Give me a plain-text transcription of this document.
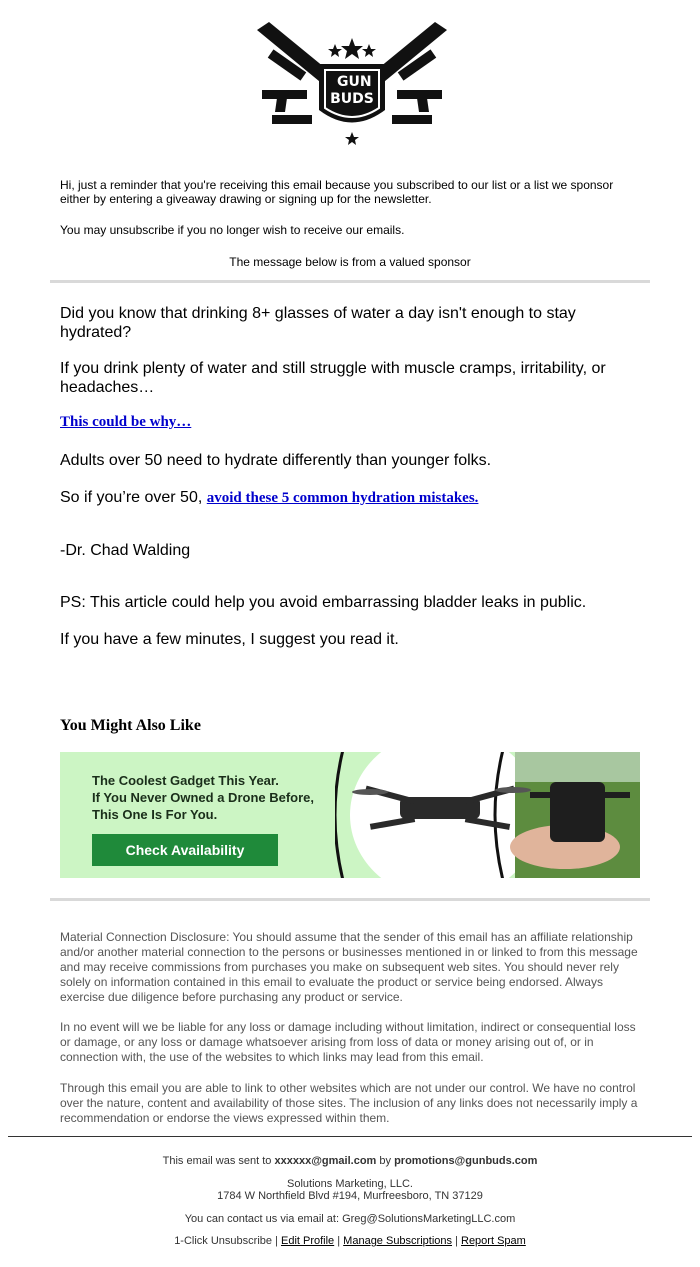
GUN
BUDS
Hi, just a reminder that you're receiving this email because you subscribed to our list or a list we sponsor either by entering a giveaway drawing or signing up for the newsletter.
You may unsubscribe if you no longer wish to receive our emails.
The message below is from a valued sponsor
Did you know that drinking 8+ glasses of water a day isn't enough to stay hydrated?
If you drink plenty of water and still struggle with muscle cramps, irritability, or headaches…
This could be why…
Adults over 50 need to hydrate differently than younger folks.
So if you’re over 50, avoid these 5 common hydration mistakes.
-Dr. Chad Walding
PS: This article could help you avoid embarrassing bladder leaks in public.
If you have a few minutes, I suggest you read it.
You Might Also Like
The Coolest Gadget This Year.
If You Never Owned a Drone Before,
This One Is For You.
Check Availability
Material Connection Disclosure: You should assume that the sender of this email has an affiliate relationship and/or another material connection to the persons or businesses mentioned in or linked to from this message and may receive commissions from purchases you make on subsequent web sites. You should never rely solely on information contained in this email to evaluate the product or service being endorsed. Always exercise due diligence before purchasing any product or service.
In no event will we be liable for any loss or damage including without limitation, indirect or consequential loss or damage, or any loss or damage whatsoever arising from loss of data or money arising out of, or in connection with, the use of the websites to which links may lead from this email.
Through this email you are able to link to other websites which are not under our control. We have no control over the nature, content and availability of those sites. The inclusion of any links does not necessarily imply a recommendation or endorse the views expressed within them.
This email was sent to xxxxxx@gmail.com by promotions@gunbuds.com
Solutions Marketing, LLC.
1784 W Northfield Blvd #194, Murfreesboro, TN 37129
You can contact us via email at: Greg@SolutionsMarketingLLC.com
1-Click Unsubscribe | Edit Profile | Manage Subscriptions | Report Spam
